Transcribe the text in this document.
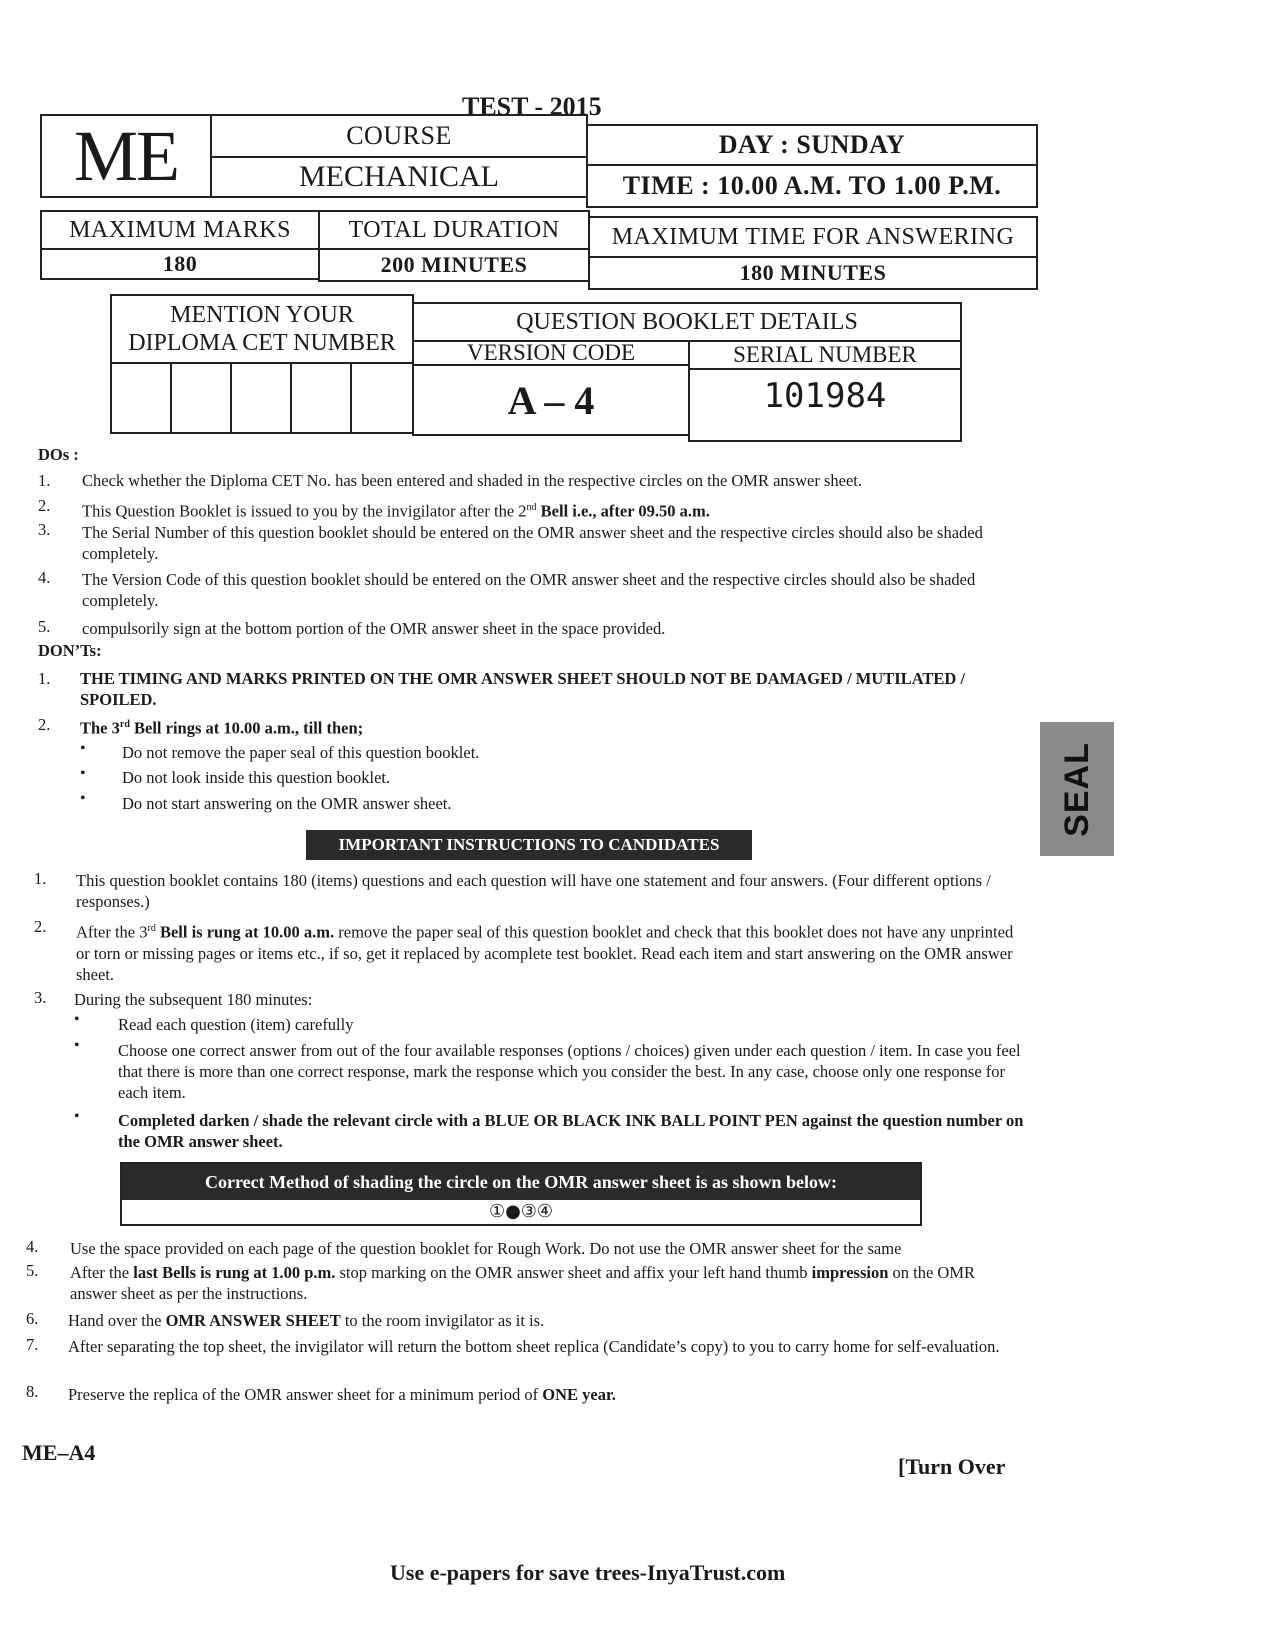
TEST - 2015
ME	COURSE
MECHANICAL
DAY : SUNDAY
TIME : 10.00 A.M. TO 1.00 P.M.
MAXIMUM MARKS
180
TOTAL DURATION
200 MINUTES
MAXIMUM TIME FOR ANSWERING
180 MINUTES
MENTION YOUR
DIPLOMA CET NUMBER
QUESTION BOOKLET DETAILS
VERSION CODE	SERIAL NUMBER
A – 4	101984
DOs :
1.	Check whether the Diploma CET No. has been entered and shaded in the respective circles on the OMR answer sheet.
2.	This Question Booklet is issued to you by the invigilator after the 2nd Bell i.e., after 09.50 a.m.
3.	The Serial Number of this question booklet should be entered on the OMR answer sheet and the respective circles should also be shaded completely.
4.	The Version Code of this question booklet should be entered on the OMR answer sheet and the respective circles should also be shaded completely.
5.	compulsorily sign at the bottom portion of the OMR answer sheet in the space provided.
DON’Ts:
1.	THE TIMING AND MARKS PRINTED ON THE OMR ANSWER SHEET SHOULD NOT BE DAMAGED / MUTILATED / SPOILED.
2.	The 3rd Bell rings at 10.00 a.m., till then;
• Do not remove the paper seal of this question booklet.
• Do not look inside this question booklet.
• Do not start answering on the OMR answer sheet.	SEAL
IMPORTANT INSTRUCTIONS TO CANDIDATES
1.	This question booklet contains 180 (items) questions and each question will have one statement and four answers. (Four different options / responses.)
2.	After the 3rd Bell is rung at 10.00 a.m. remove the paper seal of this question booklet and check that this booklet does not have any unprinted or torn or missing pages or items etc., if so, get it replaced by acomplete test booklet. Read each item and start answering on the OMR answer sheet.
3.	During the subsequent 180 minutes:
• Read each question (item) carefully
• Choose one correct answer from out of the four available responses (options / choices) given under each question / item. In case you feel that there is more than one correct response, mark the response which you consider the best. In any case, choose only one response for each item.
• Completed darken / shade the relevant circle with a BLUE OR BLACK INK BALL POINT PEN against the question number on the OMR answer sheet.
Correct Method of shading the circle on the OMR answer sheet is as shown below:
①●③④
4.	Use the space provided on each page of the question booklet for Rough Work. Do not use the OMR answer sheet for the same
5.	After the last Bells is rung at 1.00 p.m. stop marking on the OMR answer sheet and affix your left hand thumb impression on the OMR answer sheet as per the instructions.
6.	Hand over the OMR ANSWER SHEET to the room invigilator as it is.
7.	After separating the top sheet, the invigilator will return the bottom sheet replica (Candidate’s copy) to you to carry home for self-evaluation.
8.	Preserve the replica of the OMR answer sheet for a minimum period of ONE year.
ME–A4
[Turn Over
Use e-papers for save trees-InyaTrust.com
